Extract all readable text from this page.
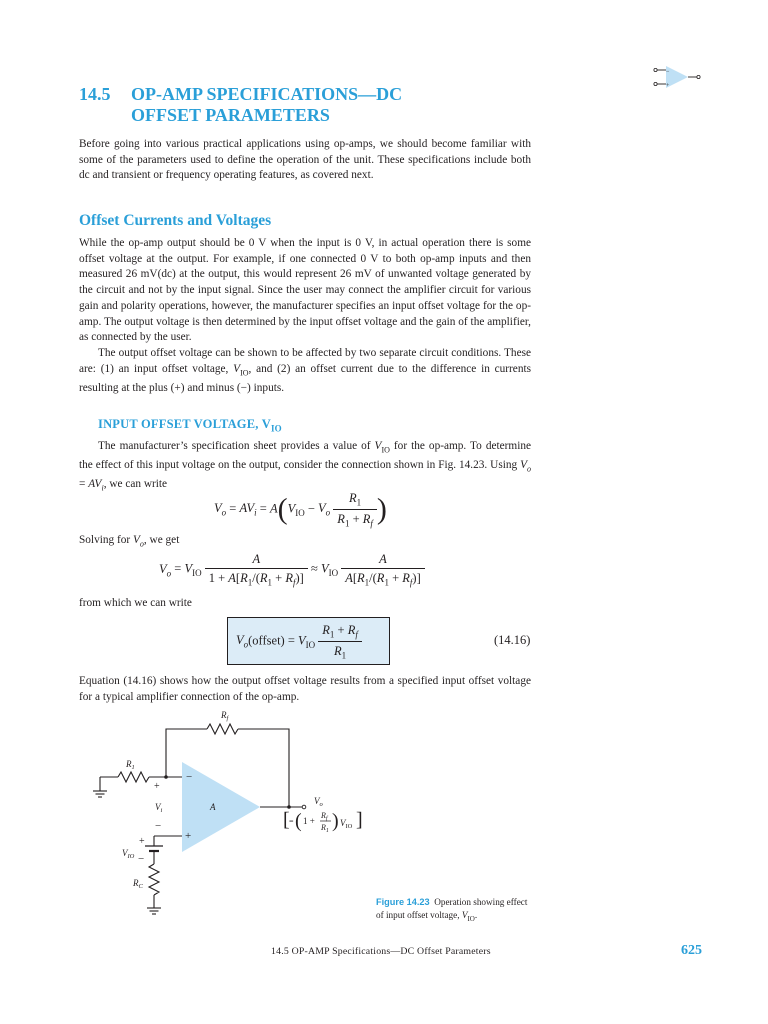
−
+
14.5 OP-AMP SPECIFICATIONS—DC
OFFSET PARAMETERS

Before going into various practical applications using op-amps, we should become familiar with some of the parameters used to define the operation of the unit. These specifications include both dc and transient or frequency operating features, as covered next.

Offset Currents and Voltages

While the op-amp output should be 0 V when the input is 0 V, in actual operation there is some offset voltage at the output. For example, if one connected 0 V to both op-amp inputs and then measured 26 mV(dc) at the output, this would represent 26 mV of unwanted voltage generated by the circuit and not by the input signal. Since the user may connect the amplifier circuit for various gain and polarity operations, however, the manufacturer specifies an input offset voltage for the op-amp. The output voltage is then determined by the input offset voltage and the gain of the amplifier, as connected by the user.

The output offset voltage can be shown to be affected by two separate circuit conditions. These are: (1) an input offset voltage, $V_{IO}$, and (2) an offset current due to the difference in currents resulting at the plus (+) and minus (−) inputs.

INPUT OFFSET VOLTAGE, $V_{IO}$

The manufacturer’s specification sheet provides a value of $V_{IO}$ for the op-amp. To determine the effect of this input voltage on the output, consider the connection shown in Fig. 14.23. Using $V_o = AV_i$, we can write

$V_o = AV_i = A(V_{IO} - V_o \frac{R_1}{R_1 + R_f}$ )
Solving for $V_o$, we get
$V_o = V_{IO} \frac{A}{1 + A[R_1/(R_1 + R_f)]} \approx V_{IO} \frac{A}{A[R_1/(R_1 + R_f)]}$
from which we can write
$V_o(offset) = V_{IO} \frac{R_1 + R_f}{R_1}$	(14.16)

Equation (14.16) shows how the output offset voltage results from a specified input offset voltage for a typical amplifier connection of the op-amp.

−
+
+
−
+
−
$R_f$
$R_1$
$V_i$	A
$V_o$
$V_{IO}$
$R_C$
[ = ( 1 +
$R_f$
$R_1$ ) $V_{IO}$ ]
Figure 14.23 Operation showing effect of input offset voltage, $V_{IO}$.
14.5 OP-AMP Specifications—DC Offset Parameters	625
